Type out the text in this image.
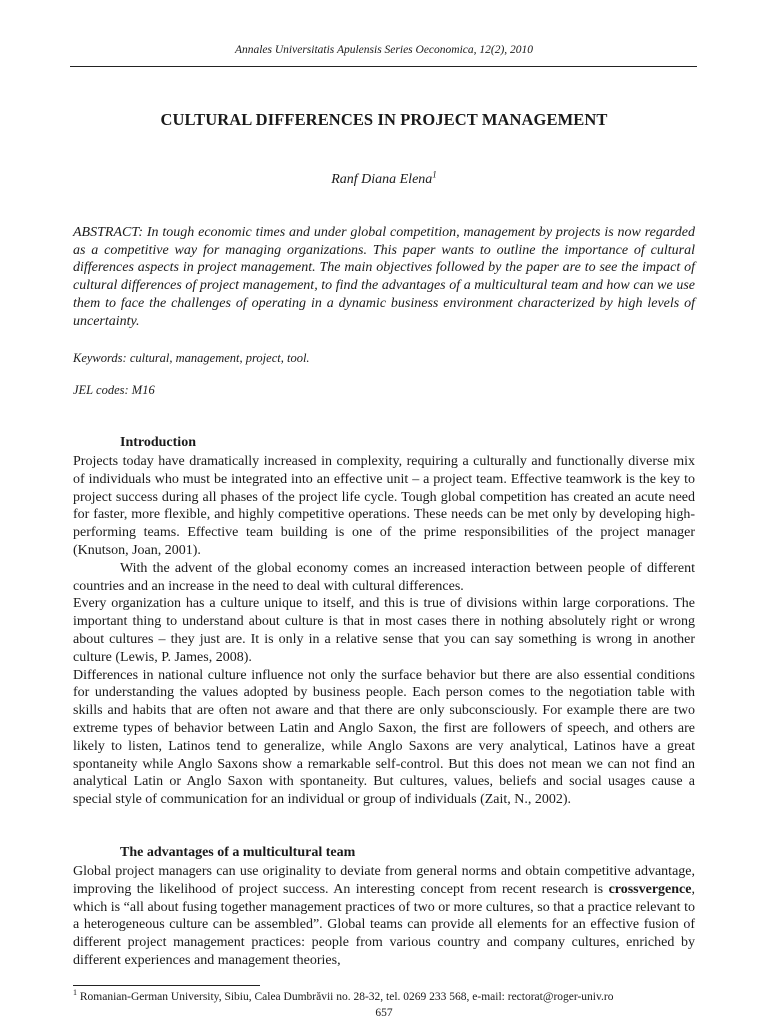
Annales Universitatis Apulensis Series Oeconomica, 12(2), 2010
CULTURAL DIFFERENCES IN PROJECT MANAGEMENT
Ranf Diana Elena$^1$

ABSTRACT: In tough economic times and under global competition, management by projects is now regarded as a competitive way for managing organizations. This paper wants to outline the importance of cultural differences aspects in project management. The main objectives followed by the paper are to see the impact of cultural differences of project management, to find the advantages of a multicultural team and how can we use them to face the challenges of operating in a dynamic business environment characterized by high levels of uncertainty.

Keywords: cultural, management, project, tool.

JEL codes: M16

Introduction

Projects today have dramatically increased in complexity, requiring a culturally and functionally diverse mix of individuals who must be integrated into an effective unit – a project team. Effective teamwork is the key to project success during all phases of the project life cycle. Tough global competition has created an acute need for faster, more flexible, and highly competitive operations. These needs can be met only by developing high-performing teams. Effective team building is one of the prime responsibilities of the project manager (Knutson, Joan, 2001).

With the advent of the global economy comes an increased interaction between people of different countries and an increase in the need to deal with cultural differences.

Every organization has a culture unique to itself, and this is true of divisions within large corporations. The important thing to understand about culture is that in most cases there in nothing absolutely right or wrong about cultures – they just are. It is only in a relative sense that you can say something is wrong in another culture (Lewis, P. James, 2008).

Differences in national culture influence not only the surface behavior but there are also essential conditions for understanding the values adopted by business people. Each person comes to the negotiation table with skills and habits that are often not aware and that there are only subconsciously. For example there are two extreme types of behavior between Latin and Anglo Saxon, the first are followers of speech, and others are likely to listen, Latinos tend to generalize, while Anglo Saxons are very analytical, Latinos have a great spontaneity while Anglo Saxons show a remarkable self-control. But this does not mean we can not find an analytical Latin or Anglo Saxon with spontaneity. But cultures, values, beliefs and social usages cause a special style of communication for an individual or group of individuals (Zait, N., 2002).

The advantages of a multicultural team

Global project managers can use originality to deviate from general norms and obtain competitive advantage, improving the likelihood of project success. An interesting concept from recent research is crossvergence, which is “all about fusing together management practices of two or more cultures, so that a practice relevant to a heterogeneous culture can be assembled”. Global teams can provide all elements for an effective fusion of different project management practices: people from various country and company cultures, enriched by different experiences and management theories,

$^1$ Romanian-German University, Sibiu, Calea Dumbrăvii no. 28-32, tel. 0269 233 568, e-mail: rectorat@roger-univ.ro

657
